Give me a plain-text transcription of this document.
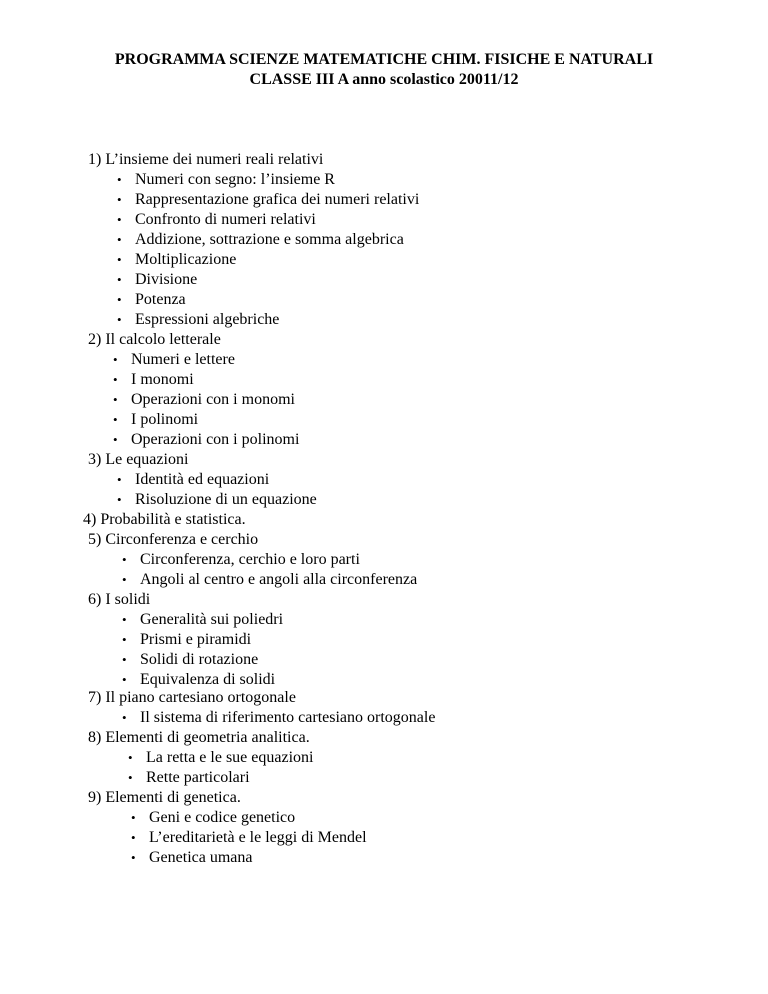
PROGRAMMA SCIENZE MATEMATICHE CHIM. FISICHE E NATURALI
CLASSE III A anno scolastico 20011/12
1) L’insieme dei numeri reali relativi
• Numeri con segno: l’insieme R
• Rappresentazione grafica dei numeri relativi
• Confronto di numeri relativi
• Addizione, sottrazione e somma algebrica
• Moltiplicazione
• Divisione
• Potenza
• Espressioni algebriche
2) Il calcolo letterale
• Numeri e lettere
• I monomi
• Operazioni con i monomi
• I polinomi
• Operazioni con i polinomi
3) Le equazioni
• Identità ed equazioni
• Risoluzione di un equazione
4) Probabilità e statistica.
5) Circonferenza e cerchio
• Circonferenza, cerchio e loro parti
• Angoli al centro e angoli alla circonferenza
6) I solidi
• Generalità sui poliedri
• Prismi e piramidi
• Solidi di rotazione
• Equivalenza di solidi
7) Il piano cartesiano ortogonale
• Il sistema di riferimento cartesiano ortogonale
8) Elementi di geometria analitica.
• La retta e le sue equazioni
• Rette particolari
9) Elementi di genetica.
• Geni e codice genetico
• L’ereditarietà e le leggi di Mendel
• Genetica umana
